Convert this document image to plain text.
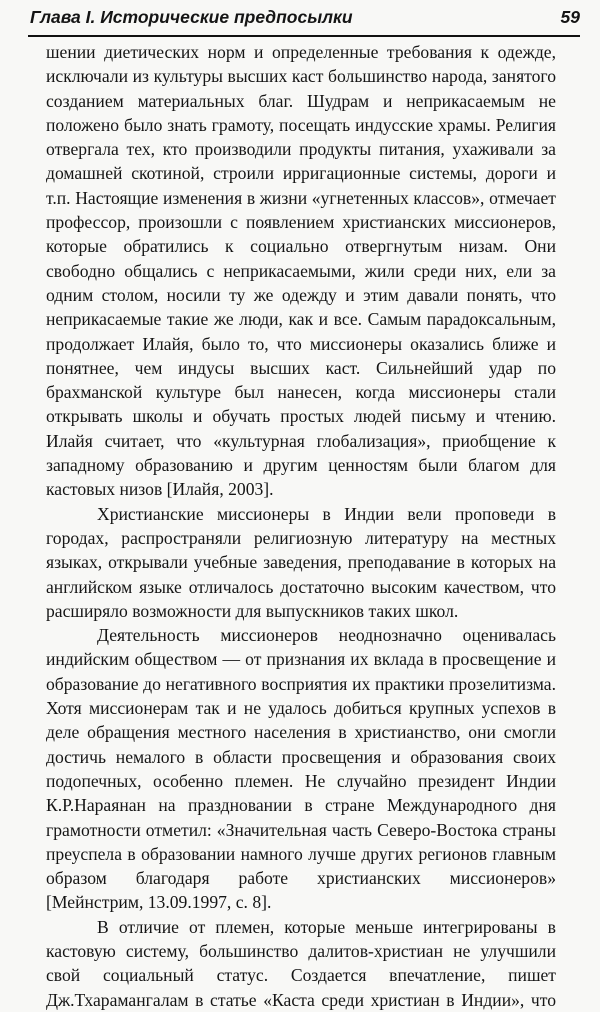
Глава I. Исторические предпосылки	59

шении диетических норм и определенные требования к одежде, исключали из культуры высших каст большинство народа, занятого созданием материальных благ. Шудрам и неприкасаемым не положено было знать грамоту, посещать индусские храмы. Религия отвергала тех, кто производили продукты питания, ухаживали за домашней скотиной, строили ирригационные системы, дороги и т.п. Настоящие изменения в жизни «угнетенных классов», отмечает профессор, произошли с появлением христианских миссионеров, которые обратились к социально отвергнутым низам. Они свободно общались с неприкасаемыми, жили среди них, ели за одним столом, носили ту же одежду и этим давали понять, что неприкасаемые такие же люди, как и все. Самым парадоксальным, продолжает Илайя, было то, что миссионеры оказались ближе и понятнее, чем индусы высших каст. Сильнейший удар по брахманской культуре был нанесен, когда миссионеры стали открывать школы и обучать простых людей письму и чтению. Илайя считает, что «культурная глобализация», приобщение к западному образованию и другим ценностям были благом для кастовых низов [Илайя, 2003].

Христианские миссионеры в Индии вели проповеди в городах, распространяли религиозную литературу на местных языках, открывали учебные заведения, преподавание в которых на английском языке отличалось достаточно высоким качеством, что расширяло возможности для выпускников таких школ.

Деятельность миссионеров неоднозначно оценивалась индийским обществом — от признания их вклада в просвещение и образование до негативного восприятия их практики прозелитизма. Хотя миссионерам так и не удалось добиться крупных успехов в деле обращения местного населения в христианство, они смогли достичь немалого в области просвещения и образования своих подопечных, особенно племен. Не случайно президент Индии К.Р.Нараянан на праздновании в стране Международного дня грамотности отметил: «Значительная часть Северо-Востока страны преуспела в образовании намного лучше других регионов главным образом благодаря работе христианских миссионеров» [Мейнстрим, 13.09.1997, с. 8].

В отличие от племен, которые меньше интегрированы в кастовую систему, большинство далитов-христиан не улучшили свой социальный статус. Создается впечатление, пишет Дж.Тхарамангалам в статье «Каста среди христиан в Индии», что
